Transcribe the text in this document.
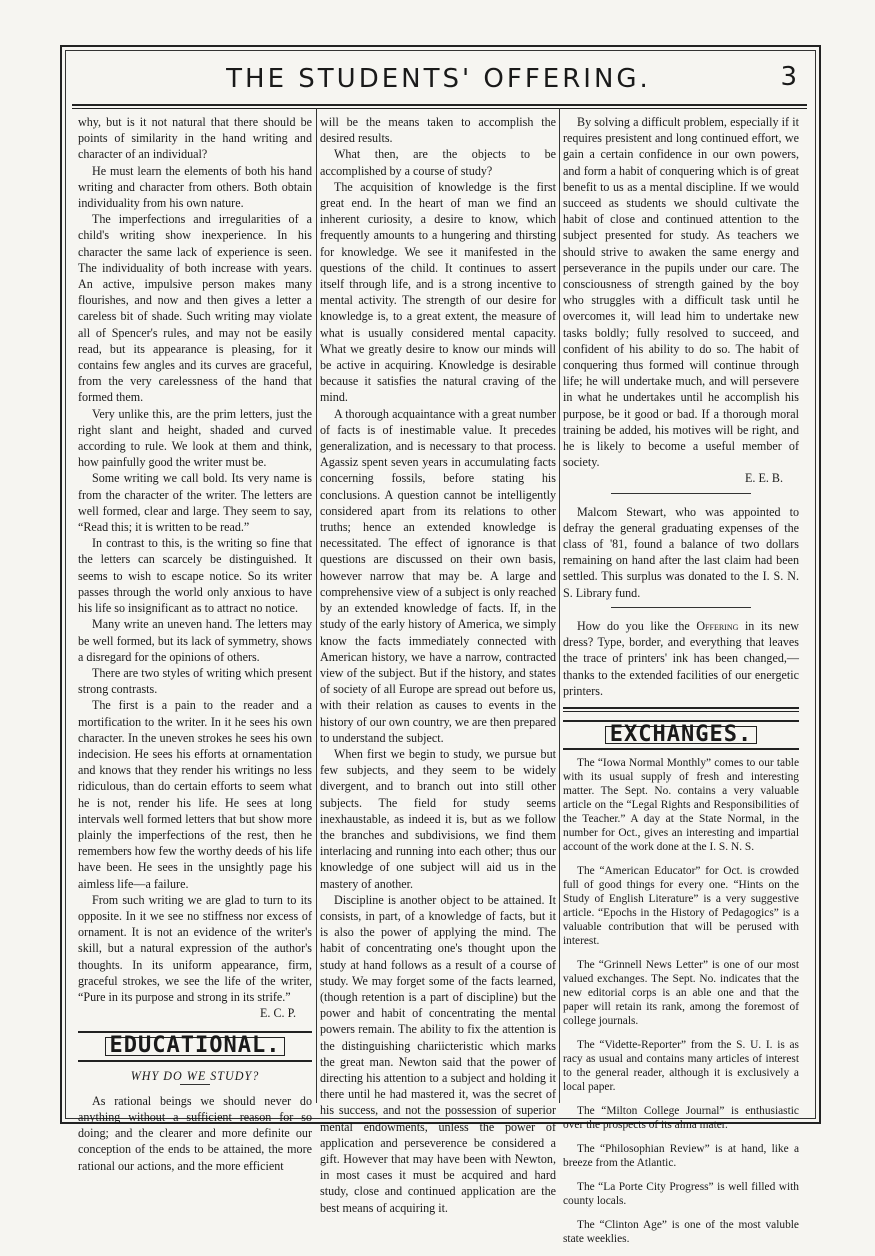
THE STUDENTS' OFFERING.	3

why, but is it not natural that there should be points of similarity in the hand writing and character of an individual?

He must learn the elements of both his hand writing and character from others. Both obtain individuality from his own nature.

The imperfections and irregularities of a child's writing show inexperience. In his character the same lack of experience is seen. The individuality of both increase with years. An active, impulsive person makes many flourishes, and now and then gives a letter a careless bit of shade. Such writing may violate all of Spencer's rules, and may not be easily read, but its appearance is pleasing, for it contains few angles and its curves are graceful, from the very carelessness of the hand that formed them.

Very unlike this, are the prim letters, just the right slant and height, shaded and curved according to rule. We look at them and think, how painfully good the writer must be.

Some writing we call bold. Its very name is from the character of the writer. The letters are well formed, clear and large. They seem to say, “Read this; it is written to be read.”

In contrast to this, is the writing so fine that the letters can scarcely be distinguished. It seems to wish to escape notice. So its writer passes through the world only anxious to have his life so insignificant as to attract no notice.

Many write an uneven hand. The letters may be well formed, but its lack of symmetry, shows a disregard for the opinions of others.

There are two styles of writing which present strong contrasts.

The first is a pain to the reader and a mortification to the writer. In it he sees his own character. In the uneven strokes he sees his own indecision. He sees his efforts at ornamentation and knows that they render his writings no less ridiculous, than do certain efforts to seem what he is not, render his life. He sees at long intervals well formed letters that but show more plainly the imperfections of the rest, then he remembers how few the worthy deeds of his life have been. He sees in the unsightly page his aimless life—a failure.

From such writing we are glad to turn to its opposite. In it we see no stiffness nor excess of ornament. It is not an evidence of the writer's skill, but a natural expression of the author's thoughts. In its uniform appearance, firm, graceful strokes, we see the life of the writer, “Pure in its purpose and strong in its strife.”

E. C. P.

EDUCATIONAL.

WHY DO WE STUDY?

As rational beings we should never do anything without a sufficient reason for so doing; and the clearer and more definite our conception of the ends to be attained, the more rational our actions, and the more efficient

will be the means taken to accomplish the desired results.

What then, are the objects to be accomplished by a course of study?

The acquisition of knowledge is the first great end. In the heart of man we find an inherent curiosity, a desire to know, which frequently amounts to a hungering and thirsting for knowledge. We see it manifested in the questions of the child. It continues to assert itself through life, and is a strong incentive to mental activity. The strength of our desire for knowledge is, to a great extent, the measure of what is usually considered mental capacity. What we greatly desire to know our minds will be active in acquiring. Knowledge is desirable because it satisfies the natural craving of the mind.

A thorough acquaintance with a great number of facts is of inestimable value. It precedes generalization, and is necessary to that process. Agassiz spent seven years in accumulating facts concerning fossils, before stating his conclusions. A question cannot be intelligently considered apart from its relations to other truths; hence an extended knowledge is necessitated. The effect of ignorance is that questions are discussed on their own basis, however narrow that may be. A large and comprehensive view of a subject is only reached by an extended knowledge of facts. If, in the study of the early history of America, we simply know the facts immediately connected with American history, we have a narrow, contracted view of the subject. But if the history, and states of society of all Europe are spread out before us, with their relation as causes to events in the history of our own country, we are then prepared to understand the subject.

When first we begin to study, we pursue but few subjects, and they seem to be widely divergent, and to branch out into still other subjects. The field for study seems inexhaustable, as indeed it is, but as we follow the branches and subdivisions, we find them interlacing and running into each other; thus our knowledge of one subject will aid us in the mastery of another.

Discipline is another object to be attained. It consists, in part, of a knowledge of facts, but it is also the power of applying the mind. The habit of concentrating one's thought upon the study at hand follows as a result of a course of study. We may forget some of the facts learned, (though retention is a part of discipline) but the power and habit of concentrating the mental powers remain. The ability to fix the attention is the distinguishing chariicteristic which marks the great man. Newton said that the power of directing his attention to a subject and holding it there until he had mastered it, was the secret of his success, and not the possession of superior mental endowments, unless the power of application and perseverence be considered a gift. However that may have been with Newton, in most cases it must be acquired and hard study, close and continued application are the best means of acquiring it.

By solving a difficult problem, especially if it requires presistent and long continued effort, we gain a certain confidence in our own powers, and form a habit of conquering which is of great benefit to us as a mental discipline. If we would succeed as students we should cultivate the habit of close and continued attention to the subject presented for study. As teachers we should strive to awaken the same energy and perseverance in the pupils under our care. The consciousness of strength gained by the boy who struggles with a difficult task until he overcomes it, will lead him to undertake new tasks boldly; fully resolved to succeed, and confident of his ability to do so. The habit of conquering thus formed will continue through life; he will undertake much, and will persevere in what he undertakes until he accomplish his purpose, be it good or bad. If a thorough moral training be added, his motives will be right, and he is likely to become a useful member of society.

E. E. B.

Malcom Stewart, who was appointed to defray the general graduating expenses of the class of '81, found a balance of two dollars remaining on hand after the last claim had been settled. This surplus was donated to the I. S. N. S. Library fund.

How do you like the Offering in its new dress? Type, border, and everything that leaves the trace of printers' ink has been changed,—thanks to the extended facilities of our energetic printers.

EXCHANGES.

The “Iowa Normal Monthly” comes to our table with its usual supply of fresh and interesting matter. The Sept. No. contains a very valuable article on the “Legal Rights and Responsibilities of the Teacher.” A day at the State Normal, in the number for Oct., gives an interesting and impartial account of the work done at the I. S. N. S.

The “American Educator” for Oct. is crowded full of good things for every one. “Hints on the Study of English Literature” is a very suggestive article. “Epochs in the History of Pedagogics” is a valuable contribution that will be perused with interest.

The “Grinnell News Letter” is one of our most valued exchanges. The Sept. No. indicates that the new editorial corps is an able one and that the paper will retain its rank, among the foremost of college journals.

The “Vidette-Reporter” from the S. U. I. is as racy as usual and contains many articles of interest to the general reader, although it is exclusively a local paper.

The “Milton College Journal” is enthusiastic over the prospects of its alma mater.

The “Philosophian Review” is at hand, like a breeze from the Atlantic.

The “La Porte City Progress” is well filled with county locals.

The “Clinton Age” is one of the most valuble state weeklies.
